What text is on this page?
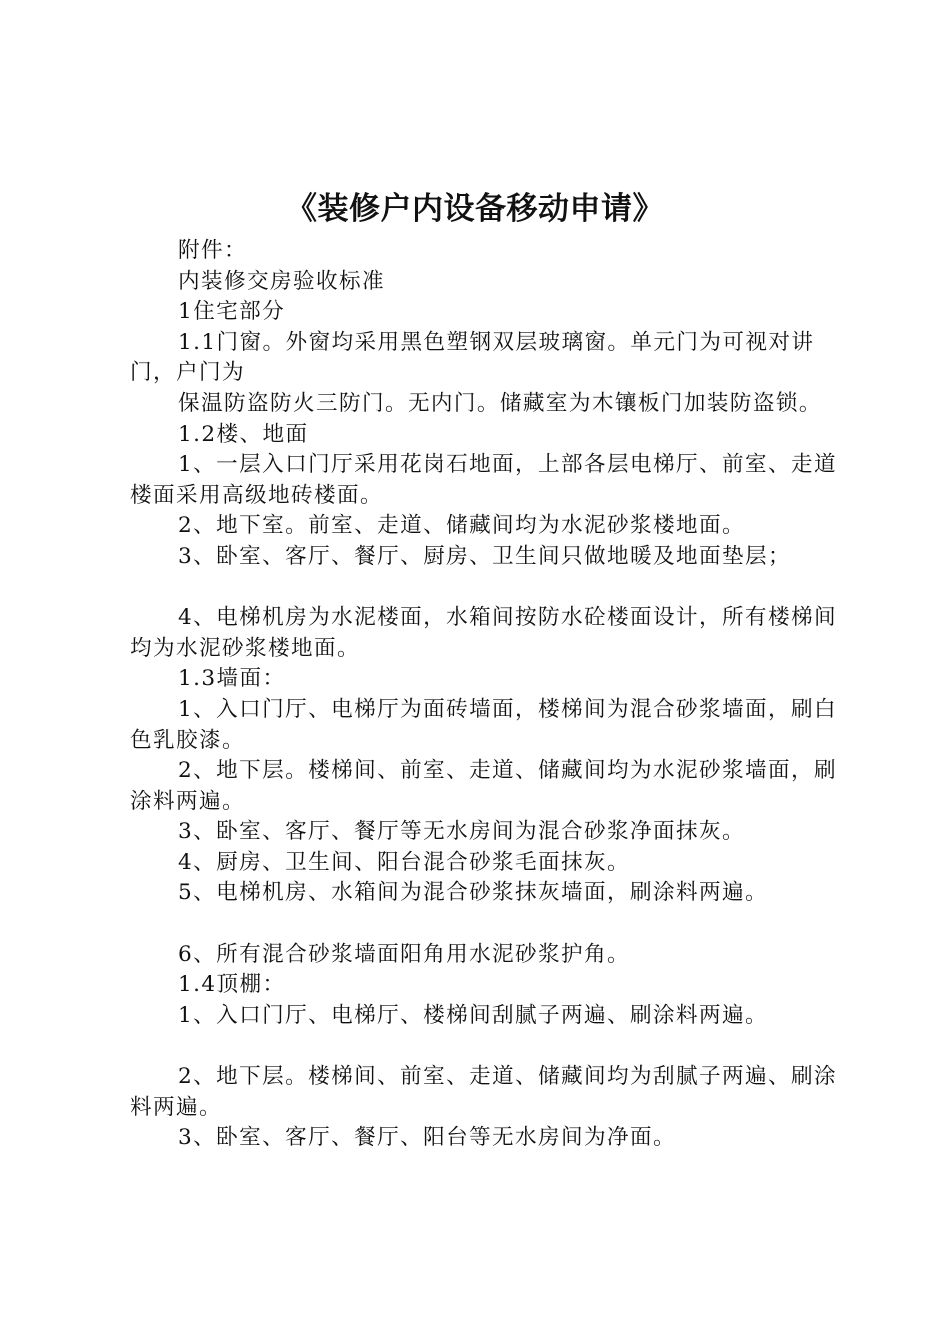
《装修户内设备移动申请》

附件：

内装修交房验收标准

1住宅部分

1.1门窗。外窗均采用黑色塑钢双层玻璃窗。单元门为可视对讲门，户门为

保温防盗防火三防门。无内门。储藏室为木镶板门加装防盗锁。

1.2楼、地面

1、一层入口门厅采用花岗石地面，上部各层电梯厅、前室、走道楼面采用高级地砖楼面。

2、地下室。前室、走道、储藏间均为水泥砂浆楼地面。

3、卧室、客厅、餐厅、厨房、卫生间只做地暖及地面垫层；

4、电梯机房为水泥楼面，水箱间按防水砼楼面设计，所有楼梯间均为水泥砂浆楼地面。

1.3墙面：

1、入口门厅、电梯厅为面砖墙面，楼梯间为混合砂浆墙面，刷白色乳胶漆。

2、地下层。楼梯间、前室、走道、储藏间均为水泥砂浆墙面，刷涂料两遍。

3、卧室、客厅、餐厅等无水房间为混合砂浆净面抹灰。

4、厨房、卫生间、阳台混合砂浆毛面抹灰。

5、电梯机房、水箱间为混合砂浆抹灰墙面，刷涂料两遍。

6、所有混合砂浆墙面阳角用水泥砂浆护角。

1.4顶棚：

1、入口门厅、电梯厅、楼梯间刮腻子两遍、刷涂料两遍。

2、地下层。楼梯间、前室、走道、储藏间均为刮腻子两遍、刷涂料两遍。

3、卧室、客厅、餐厅、阳台等无水房间为净面。
